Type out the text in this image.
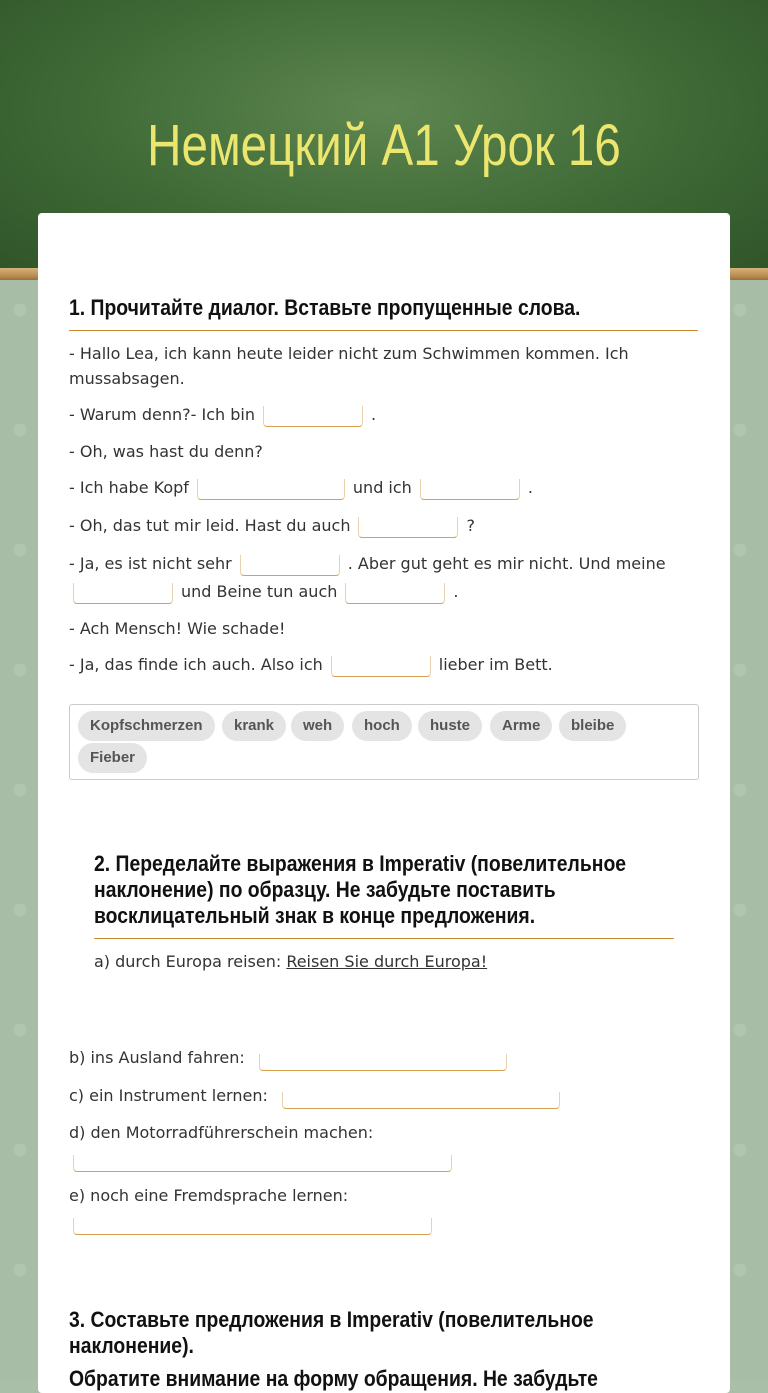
Немецкий А1 Урок 16
1. Прочитайте диалог. Вставьте пропущенные слова.
- Hallo Lea, ich kann heute leider nicht zum Schwimmen kommen. Ich
mussabsagen.
- Warum denn?- Ich bin	.
- Oh, was hast du denn?
- Ich habe Kopf	und ich	.
- Oh, das tut mir leid. Hast du auch	?
- Ja, es ist nicht sehr	. Aber gut geht es mir nicht. Und meine
und Beine tun auch	.
- Ach Mensch! Wie schade!
- Ja, das finde ich auch. Also ich	lieber im Bett.
Kopfschmerzen	krank	weh	hoch	huste	Arme	bleibe
Fieber
2. Переделайте выражения в Imperativ (повелительное
наклонение) по образцу. Не забудьте поставить
восклицательный знак в конце предложения.
a) durch Europa reisen: Reisen Sie durch Europa!
b) ins Ausland fahren:
c) ein Instrument lernen:
d) den Motorradführerschein machen:
e) noch eine Fremdsprache lernen:
3. Составьте предложения в Imperativ (повелительное
наклонение).
Обратите внимание на форму обращения. Не забудьте
